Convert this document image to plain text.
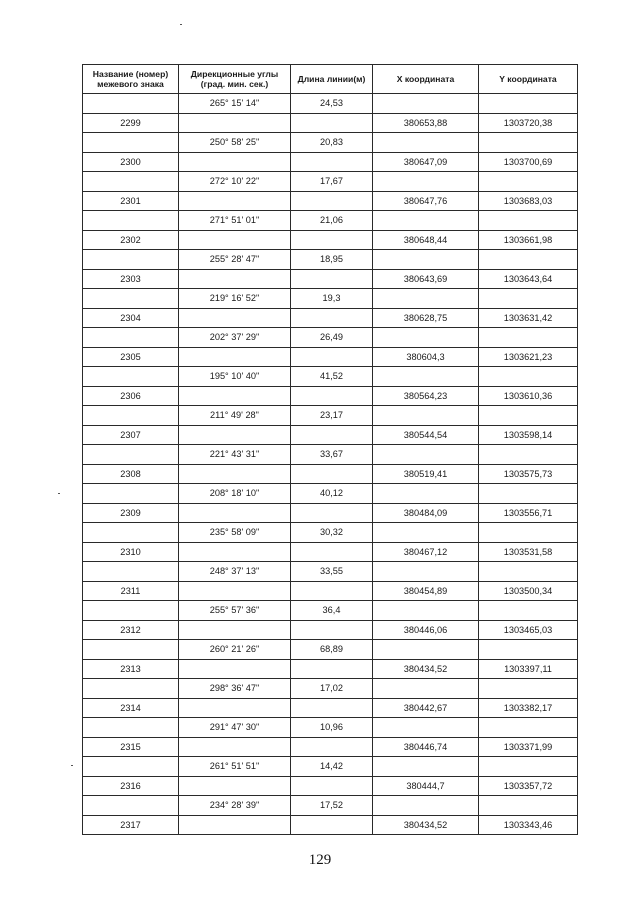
Название (номер) межевого знака	Дирекционные углы (град. мин. сек.)	Длина линии(м)	X координата	Y координата
	265° 15' 14"	24,53		
2299			380653,88	1303720,38
	250° 58' 25"	20,83		
2300			380647,09	1303700,69
	272° 10' 22"	17,67		
2301			380647,76	1303683,03
	271° 51' 01"	21,06		
2302			380648,44	1303661,98
	255° 28' 47"	18,95		
2303			380643,69	1303643,64
	219° 16' 52"	19,3		
2304			380628,75	1303631,42
	202° 37' 29"	26,49		
2305			380604,3	1303621,23
	195° 10' 40"	41,52		
2306			380564,23	1303610,36
	211° 49' 28"	23,17		
2307			380544,54	1303598,14
	221° 43' 31"	33,67		
2308			380519,41	1303575,73
	208° 18' 10"	40,12		
2309			380484,09	1303556,71
	235° 58' 09"	30,32		
2310			380467,12	1303531,58
	248° 37' 13"	33,55		
2311			380454,89	1303500,34
	255° 57' 36"	36,4		
2312			380446,06	1303465,03
	260° 21' 26"	68,89		
2313			380434,52	1303397,11
	298° 36' 47"	17,02		
2314			380442,67	1303382,17
	291° 47' 30"	10,96		
2315			380446,74	1303371,99
	261° 51' 51"	14,42		
2316			380444,7	1303357,72
	234° 28' 39"	17,52		
2317			380434,52	1303343,46
129
